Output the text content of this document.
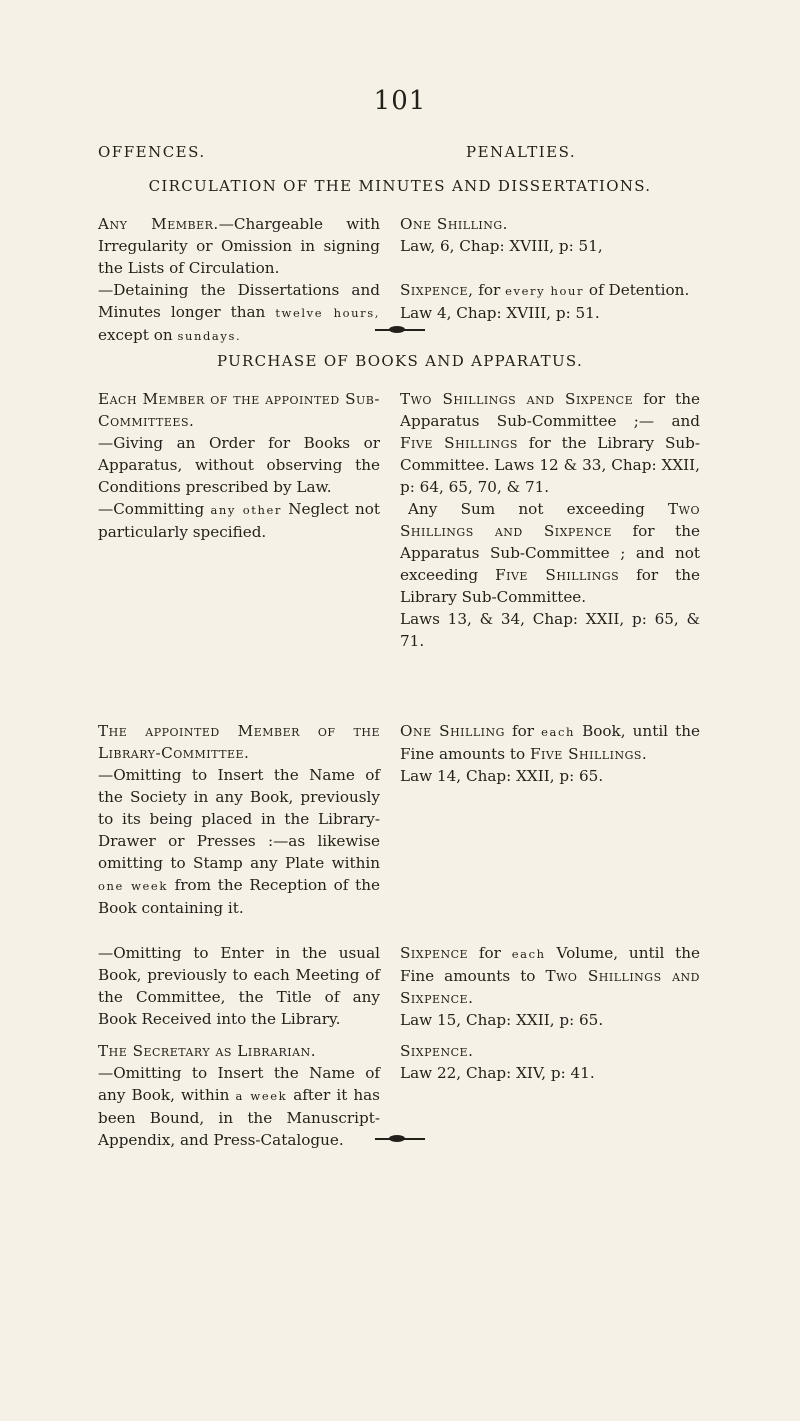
101
OFFENCES.	PENALTIES.
CIRCULATION OF THE MINUTES AND DISSERTATIONS.

Any Member.—Chargeable with Irregularity or Omission in signing the Lists of Circulation.

One Shilling.

Law, 6, Chap: XVIII, p: 51,

—Detaining the Dissertations and Minutes longer than twelve hours, except on sundays.

Sixpence, for every hour of Detention.

Law 4, Chap: XVIII, p: 51.

PURCHASE OF BOOKS AND APPARATUS.

Each Member of the appointed Sub-Committees.

—Giving an Order for Books or Apparatus, without observing the Conditions prescribed by Law.

—Committing any other Neglect not particularly specified.

Two Shillings and Sixpence for the Apparatus Sub-Committee ;— and Five Shillings for the Library Sub-Committee. Laws 12 & 33, Chap: XXII, p: 64, 65, 70, & 71.

Any Sum not exceeding Two Shillings and Sixpence for the Apparatus Sub-Committee ; and not exceeding Five Shillings for the Library Sub-Committee.

Laws 13, & 34, Chap: XXII, p: 65, & 71.

The appointed Member of the Library-Committee.

—Omitting to Insert the Name of the Society in any Book, previously to its being placed in the Library-Drawer or Presses :—as likewise omitting to Stamp any Plate within one week from the Reception of the Book containing it.

One Shilling for each Book, until the Fine amounts to Five Shillings.

Law 14, Chap: XXII, p: 65.

—Omitting to Enter in the usual Book, previously to each Meeting of the Committee, the Title of any Book Received into the Library.

Sixpence for each Volume, until the Fine amounts to Two Shillings and Sixpence.

Law 15, Chap: XXII, p: 65.

The Secretary as Librarian.

—Omitting to Insert the Name of any Book, within a week after it has been Bound, in the Manuscript-Appendix, and Press-Catalogue.

Sixpence.

Law 22, Chap: XIV, p: 41.
